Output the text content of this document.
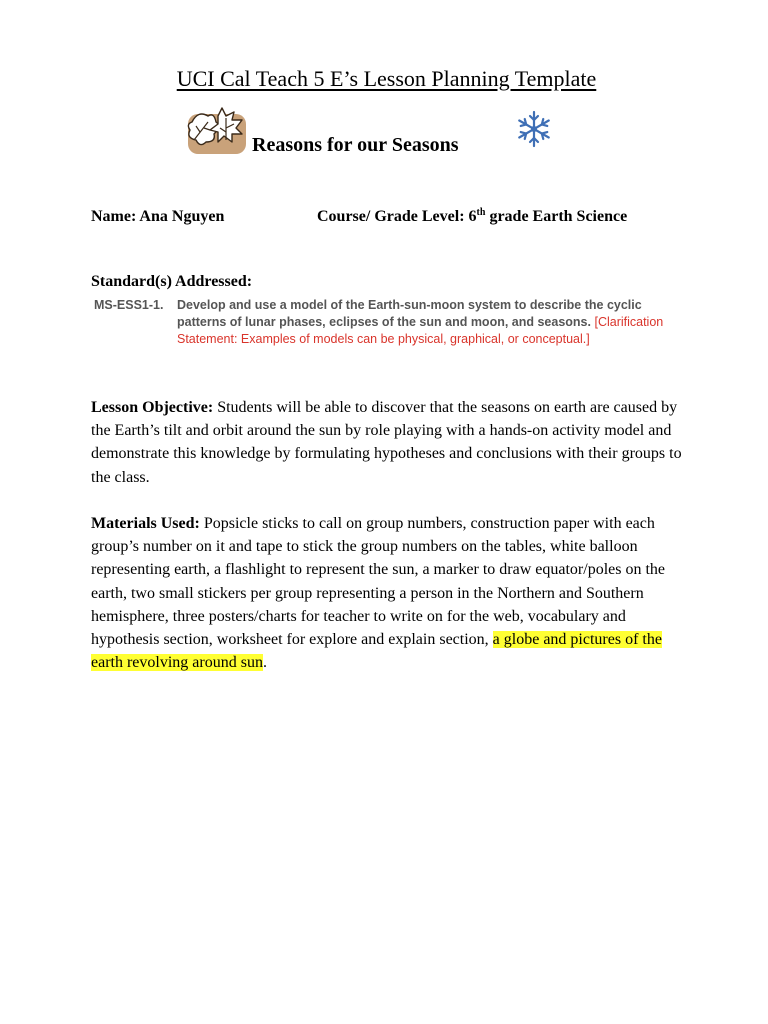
UCI Cal Teach 5 E’s Lesson Planning Template
Reasons for our Seasons
Name: Ana Nguyen	Course/ Grade Level: 6th grade Earth Science
Standard(s) Addressed:
MS-ESS1-1. Develop and use a model of the Earth-sun-moon system to describe the cyclic patterns of lunar phases, eclipses of the sun and moon, and seasons. [Clarification Statement: Examples of models can be physical, graphical, or conceptual.]

Lesson Objective: Students will be able to discover that the seasons on earth are caused by the Earth’s tilt and orbit around the sun by role playing with a hands-on activity model and demonstrate this knowledge by formulating hypotheses and conclusions with their groups to the class.

Materials Used: Popsicle sticks to call on group numbers, construction paper with each group’s number on it and tape to stick the group numbers on the tables, white balloon representing earth, a flashlight to represent the sun, a marker to draw equator/poles on the earth, two small stickers per group representing a person in the Northern and Southern hemisphere, three posters/charts for teacher to write on for the web, vocabulary and hypothesis section, worksheet for explore and explain section, a globe and pictures of the earth revolving around sun.
